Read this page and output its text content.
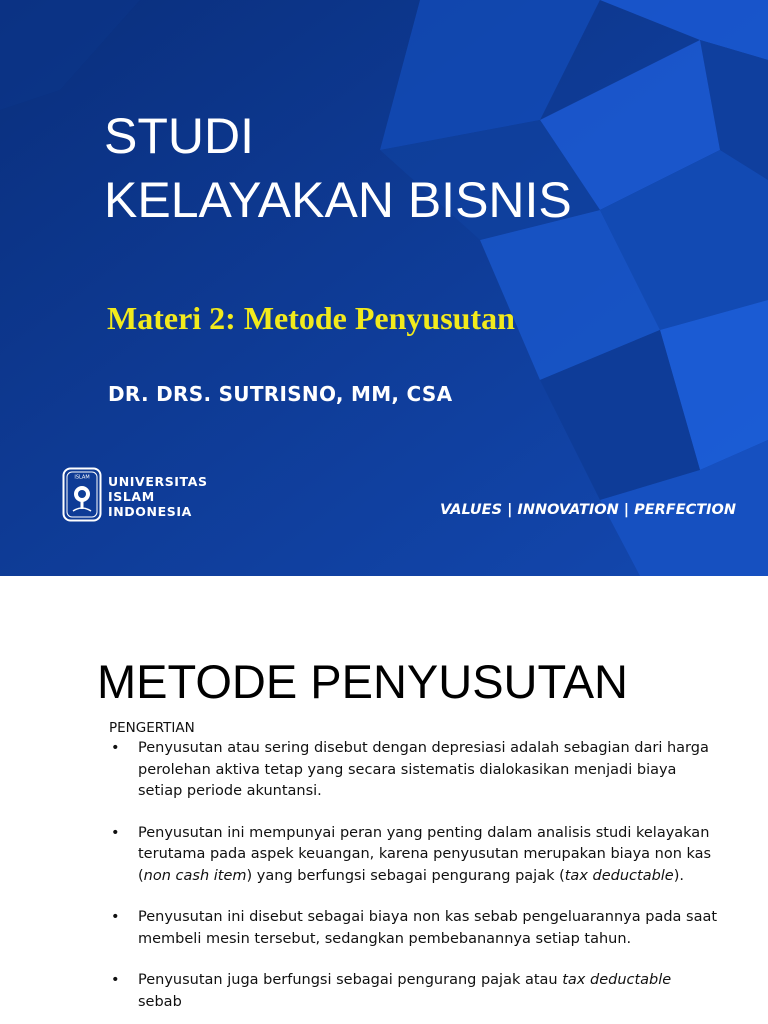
STUDI
KELAYAKAN BISNIS
Materi 2: Metode Penyusutan
DR. DRS. SUTRISNO, MM, CSA
ISLAM UNIVERSITAS
ISLAM
INDONESIA	VALUES | INNOVATION | PERFECTION
METODE PENYUSUTAN
PENGERTIAN
• Penyusutan atau sering disebut dengan depresiasi adalah sebagian dari harga perolehan aktiva tetap yang secara sistematis dialokasikan menjadi biaya setiap periode akuntansi.

• Penyusutan ini mempunyai peran yang penting dalam analisis studi kelayakan terutama pada aspek keuangan, karena penyusutan merupakan biaya non kas (non cash item) yang berfungsi sebagai pengurang pajak (tax deductable).

• Penyusutan ini disebut sebagai biaya non kas sebab pengeluarannya pada saat membeli mesin tersebut, sedangkan pembebanannya setiap tahun.

• Penyusutan juga berfungsi sebagai pengurang pajak atau tax deductable sebab
